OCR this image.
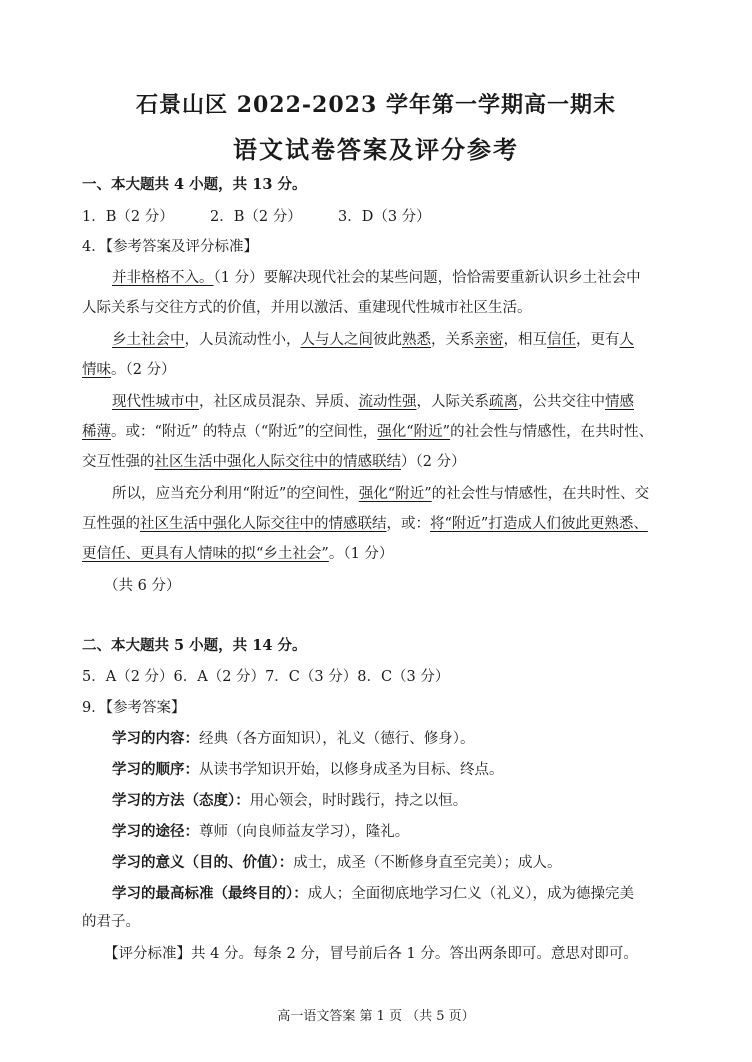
石景山区 2022-2023 学年第一学期高一期末
语文试卷答案及评分参考
一、本大题共 4 小题，共 13 分。
1．B（2 分）	2．B（2 分）	3．D（3 分）
4．【参考答案及评分标准】
并非格格不入。（1 分）要解决现代社会的某些问题，恰恰需要重新认识乡土社会中
人际关系与交往方式的价值，并用以激活、重建现代性城市社区生活。
乡土社会中，人员流动性小，人与人之间彼此熟悉，关系亲密，相互信任，更有人
情味。（2 分）
现代性城市中，社区成员混杂、异质、流动性强，人际关系疏离，公共交往中情感
稀薄。或：“附近” 的特点（“附近”的空间性，强化“附近”的社会性与情感性，在共时性、
交互性强的社区生活中强化人际交往中的情感联结）（2 分）
所以，应当充分利用“附近”的空间性，强化“附近”的社会性与情感性，在共时性、交
互性强的社区生活中强化人际交往中的情感联结，或：将“附近”打造成人们彼此更熟悉、
更信任、更具有人情味的拟“乡土社会”。（1 分）
（共 6 分）
二、本大题共 5 小题，共 14 分。
5．A（2 分）6．A（2 分）7．C（3 分）8．C（3 分）
9．【参考答案】
学习的内容：经典（各方面知识），礼义（德行、修身）。
学习的顺序：从读书学知识开始，以修身成圣为目标、终点。
学习的方法（态度）：用心领会，时时践行，持之以恒。
学习的途径：尊师（向良师益友学习），隆礼。
学习的意义（目的、价值）：成士，成圣（不断修身直至完美）；成人。
学习的最高标准（最终目的）：成人；全面彻底地学习仁义（礼义），成为德操完美
的君子。
【评分标准】共 4 分。每条 2 分，冒号前后各 1 分。答出两条即可。意思对即可。
高一语文答案 第 1 页 （共 5 页）
